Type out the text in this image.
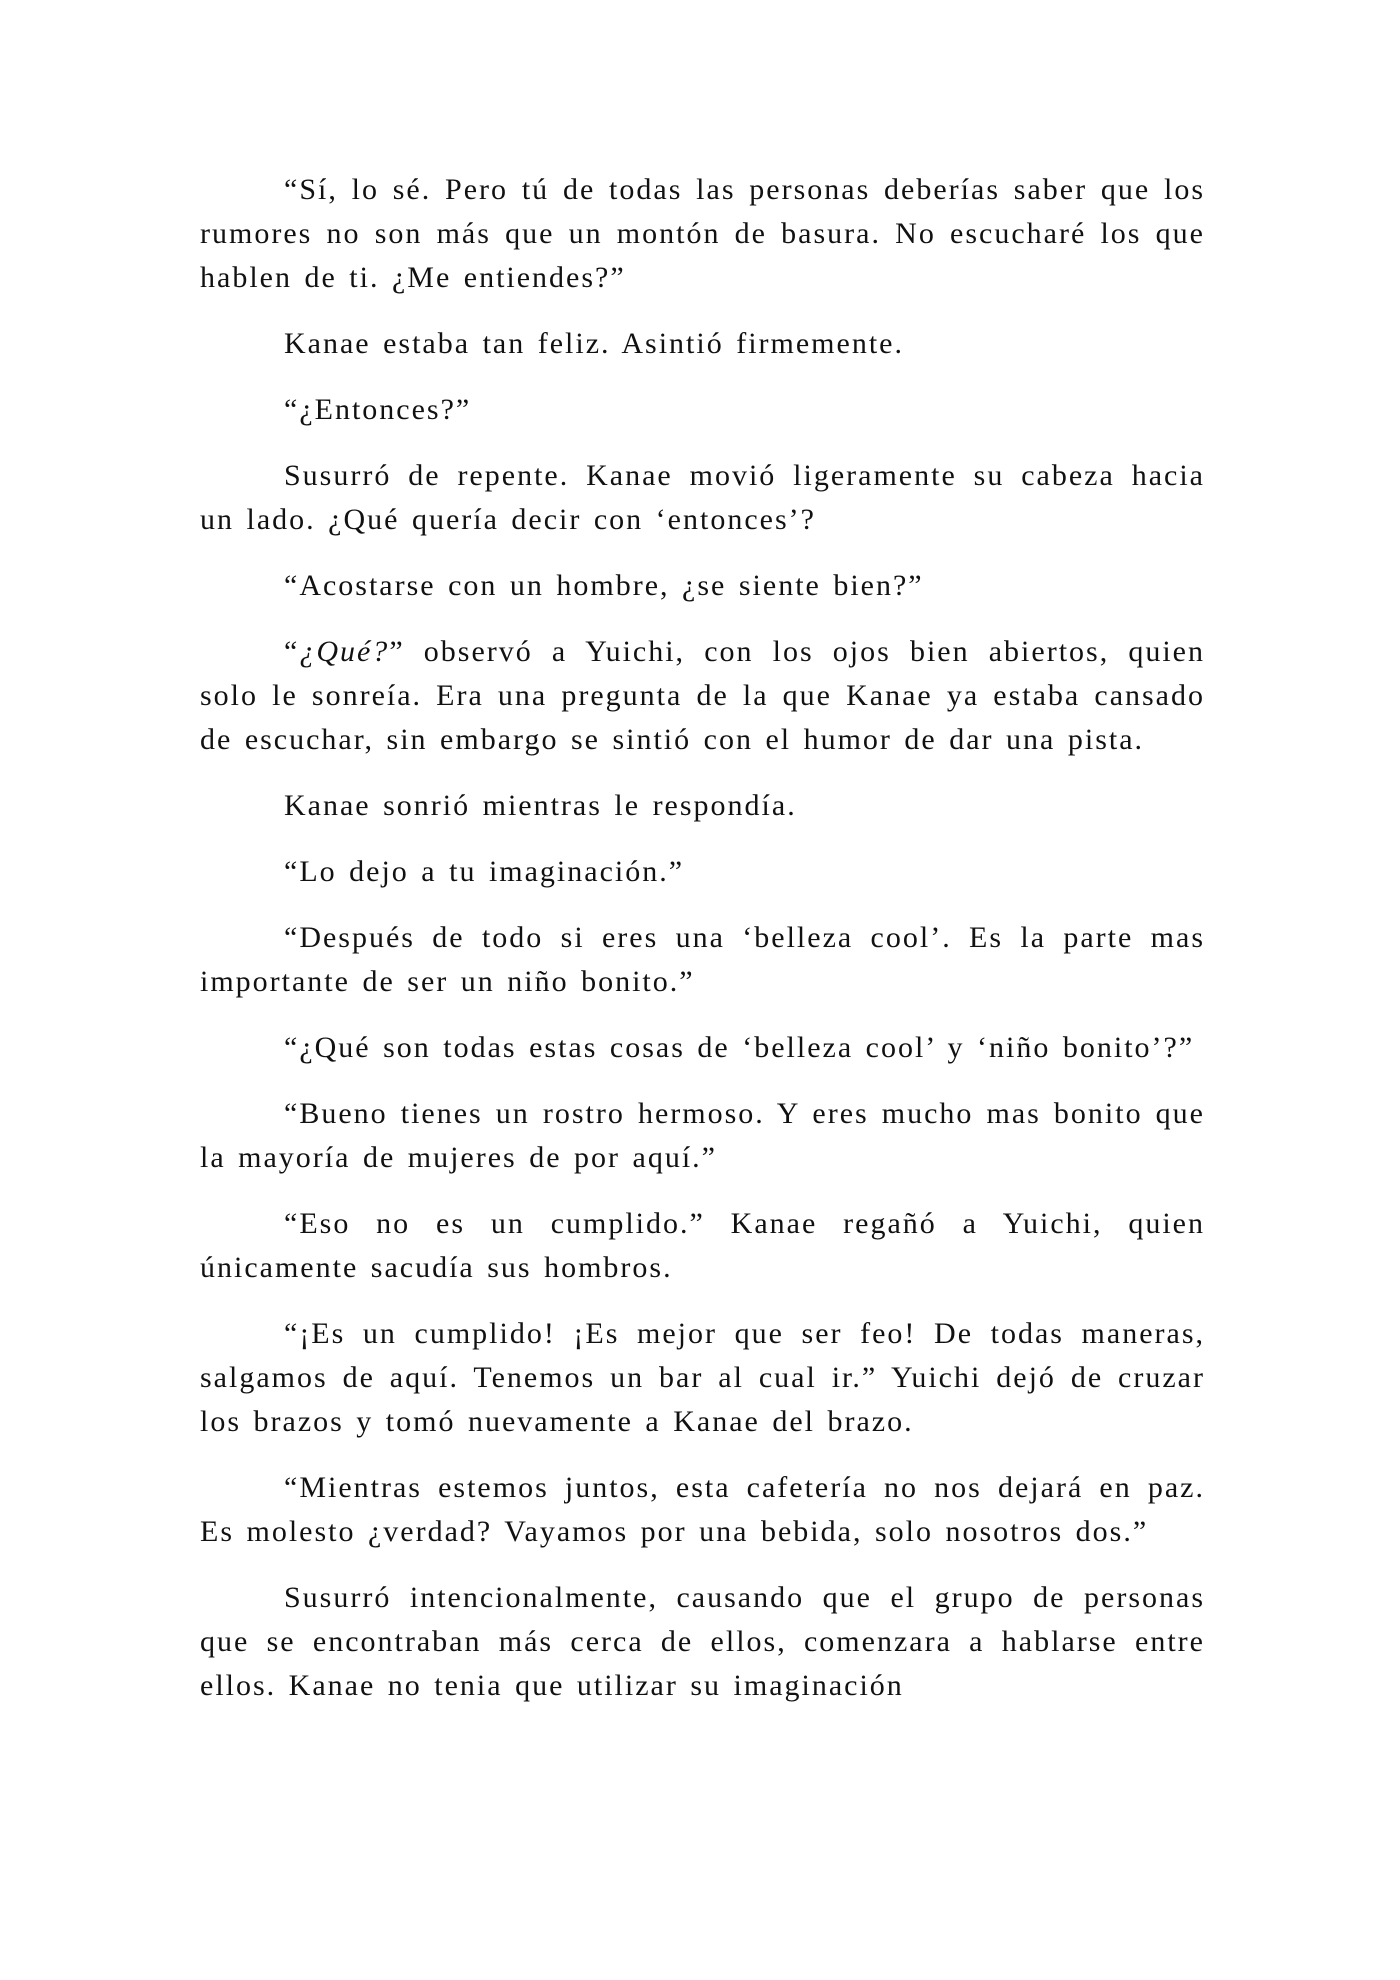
“Sí, lo sé. Pero tú de todas las personas deberías saber que los rumores no son más que un montón de basura. No escucharé los que hablen de ti. ¿Me entiendes?”

Kanae estaba tan feliz. Asintió firmemente.

“¿Entonces?”

Susurró de repente. Kanae movió ligeramente su cabeza hacia un lado. ¿Qué quería decir con ‘entonces’?

“Acostarse con un hombre, ¿se siente bien?”

“¿Qué?” observó a Yuichi, con los ojos bien abiertos, quien solo le sonreía. Era una pregunta de la que Kanae ya estaba cansado de escuchar, sin embargo se sintió con el humor de dar una pista.

Kanae sonrió mientras le respondía.

“Lo dejo a tu imaginación.”

“Después de todo si eres una ‘belleza cool’. Es la parte mas importante de ser un niño bonito.”

“¿Qué son todas estas cosas de ‘belleza cool’ y ‘niño bonito’?”

“Bueno tienes un rostro hermoso. Y eres mucho mas bonito que la mayoría de mujeres de por aquí.”

“Eso no es un cumplido.” Kanae regañó a Yuichi, quien únicamente sacudía sus hombros.

“¡Es un cumplido! ¡Es mejor que ser feo! De todas maneras, salgamos de aquí. Tenemos un bar al cual ir.” Yuichi dejó de cruzar los brazos y tomó nuevamente a Kanae del brazo.

“Mientras estemos juntos, esta cafetería no nos dejará en paz. Es molesto ¿verdad? Vayamos por una bebida, solo nosotros dos.”

Susurró intencionalmente, causando que el grupo de personas que se encontraban más cerca de ellos, comenzara a hablarse entre ellos. Kanae no tenia que utilizar su imaginación
